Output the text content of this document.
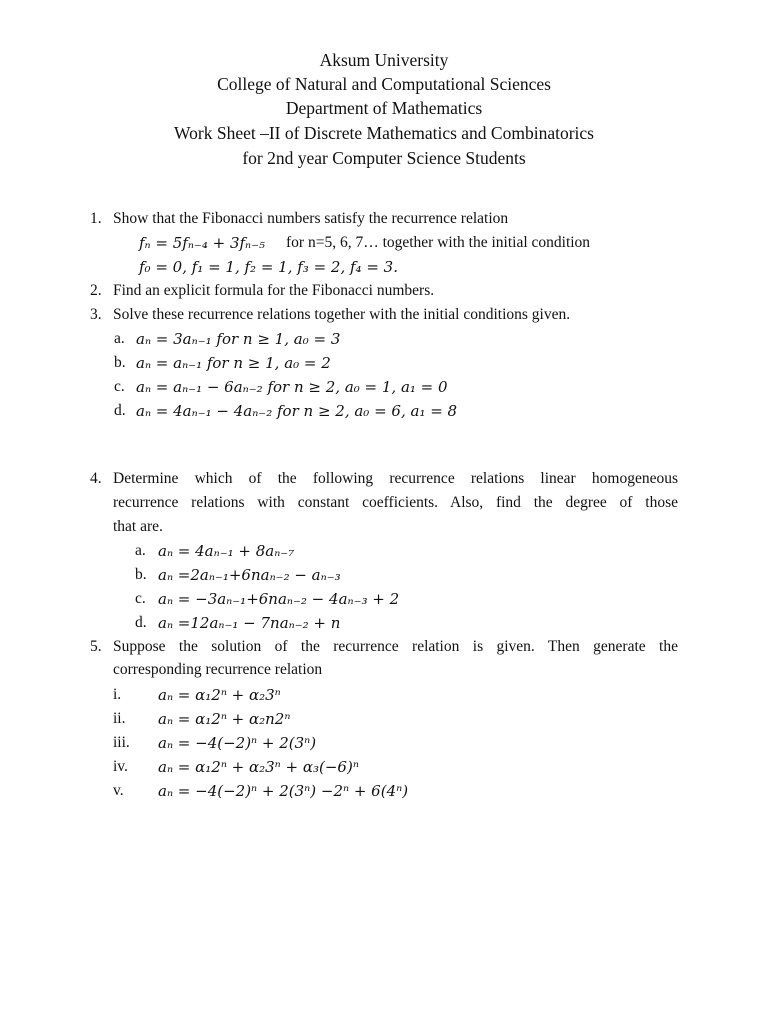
Aksum University
College of Natural and Computational Sciences
Department of Mathematics
Work Sheet –II of Discrete Mathematics and Combinatorics
for 2nd year Computer Science Students
1. Show that the Fibonacci numbers satisfy the recurrence relation
fₙ = 5fₙ₋₄ + 3fₙ₋₅ for n=5, 6, 7… together with the initial condition
f₀ = 0, f₁ = 1, f₂ = 1, f₃ = 2, f₄ = 3.
2. Find an explicit formula for the Fibonacci numbers.
3. Solve these recurrence relations together with the initial conditions given.
a. aₙ = 3aₙ₋₁ for n ≥ 1, a₀ = 3
b. aₙ = aₙ₋₁ for n ≥ 1, a₀ = 2
c. aₙ = aₙ₋₁ − 6aₙ₋₂ for n ≥ 2, a₀ = 1, a₁ = 0
d. aₙ = 4aₙ₋₁ − 4aₙ₋₂ for n ≥ 2, a₀ = 6, a₁ = 8
4. Determine which of the following recurrence relations linear homogeneous
recurrence relations with constant coefficients. Also, find the degree of those
that are.
a. aₙ = 4aₙ₋₁ + 8aₙ₋₇
b. aₙ =2aₙ₋₁+6naₙ₋₂ − aₙ₋₃
c. aₙ = −3aₙ₋₁+6naₙ₋₂ − 4aₙ₋₃ + 2
d. aₙ =12aₙ₋₁ − 7naₙ₋₂ + n
5. Suppose the solution of the recurrence relation is given. Then generate the
corresponding recurrence relation
i. aₙ = α₁2ⁿ + α₂3ⁿ
ii. aₙ = α₁2ⁿ + α₂n2ⁿ
iii. aₙ = −4(−2)ⁿ + 2(3ⁿ)
iv. aₙ = α₁2ⁿ + α₂3ⁿ + α₃(−6)ⁿ
v. aₙ = −4(−2)ⁿ + 2(3ⁿ) −2ⁿ + 6(4ⁿ)
